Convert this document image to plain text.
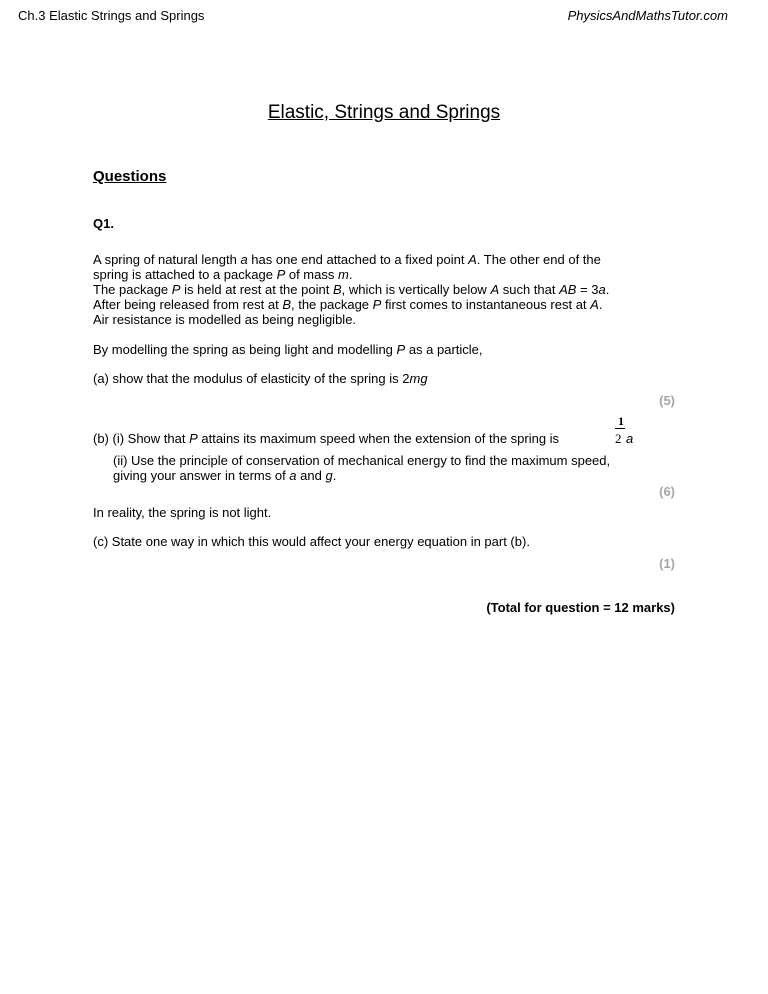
Ch.3 Elastic Strings and Springs	PhysicsAndMathsTutor.com
Elastic, Strings and Springs
Questions
Q1.
A spring of natural length a has one end attached to a fixed point A. The other end of the
spring is attached to a package P of mass m.
The package P is held at rest at the point B, which is vertically below A such that AB = 3a.
After being released from rest at B, the package P first comes to instantaneous rest at A.
Air resistance is modelled as being negligible.
By modelling the spring as being light and modelling P as a particle,
(a) show that the modulus of elasticity of the spring is 2mg
(5)
(b) (i) Show that P attains its maximum speed when the extension of the spring is
1
2 a
(ii) Use the principle of conservation of mechanical energy to find the maximum speed,
giving your answer in terms of a and g.
(6)
In reality, the spring is not light.
(c) State one way in which this would affect your energy equation in part (b).
(1)
(Total for question = 12 marks)
